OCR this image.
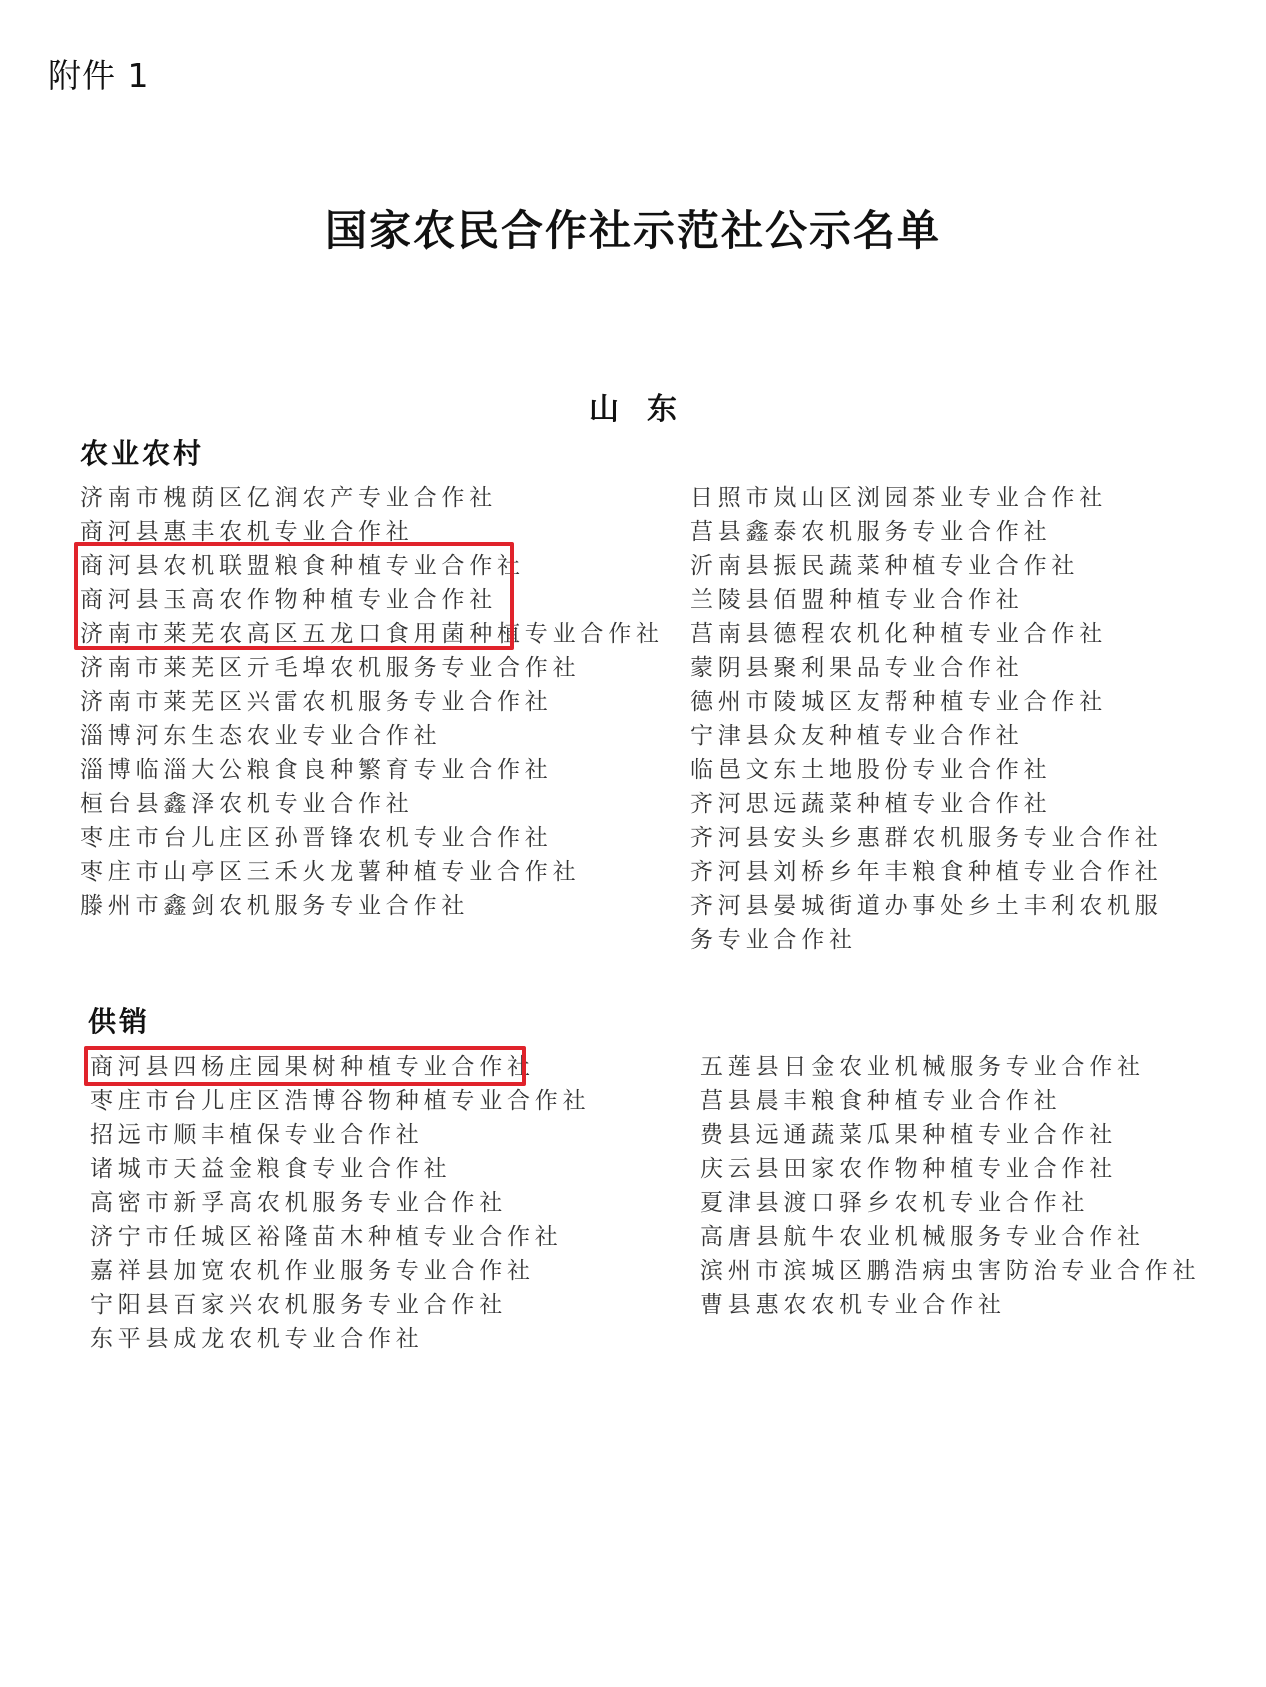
附件 1
国家农民合作社示范社公示名单
山东
农业农村
济南市槐荫区亿润农产专业合作社
商河县惠丰农机专业合作社
商河县农机联盟粮食种植专业合作社
商河县玉高农作物种植专业合作社
济南市莱芜农高区五龙口食用菌种植专业合作社
济南市莱芜区亓毛埠农机服务专业合作社
济南市莱芜区兴雷农机服务专业合作社
淄博河东生态农业专业合作社
淄博临淄大公粮食良种繁育专业合作社
桓台县鑫泽农机专业合作社
枣庄市台儿庄区孙晋锋农机专业合作社
枣庄市山亭区三禾火龙薯种植专业合作社
滕州市鑫剑农机服务专业合作社
日照市岚山区浏园茶业专业合作社
莒县鑫泰农机服务专业合作社
沂南县振民蔬菜种植专业合作社
兰陵县佰盟种植专业合作社
莒南县德程农机化种植专业合作社
蒙阴县聚利果品专业合作社
德州市陵城区友帮种植专业合作社
宁津县众友种植专业合作社
临邑文东土地股份专业合作社
齐河思远蔬菜种植专业合作社
齐河县安头乡惠群农机服务专业合作社
齐河县刘桥乡年丰粮食种植专业合作社
齐河县晏城街道办事处乡土丰利农机服务专业合作社
供销
商河县四杨庄园果树种植专业合作社
枣庄市台儿庄区浩博谷物种植专业合作社
招远市顺丰植保专业合作社
诸城市天益金粮食专业合作社
高密市新孚高农机服务专业合作社
济宁市任城区裕隆苗木种植专业合作社
嘉祥县加宽农机作业服务专业合作社
宁阳县百家兴农机服务专业合作社
东平县成龙农机专业合作社
五莲县日金农业机械服务专业合作社
莒县晨丰粮食种植专业合作社
费县远通蔬菜瓜果种植专业合作社
庆云县田家农作物种植专业合作社
夏津县渡口驿乡农机专业合作社
高唐县航牛农业机械服务专业合作社
滨州市滨城区鹏浩病虫害防治专业合作社
曹县惠农农机专业合作社
